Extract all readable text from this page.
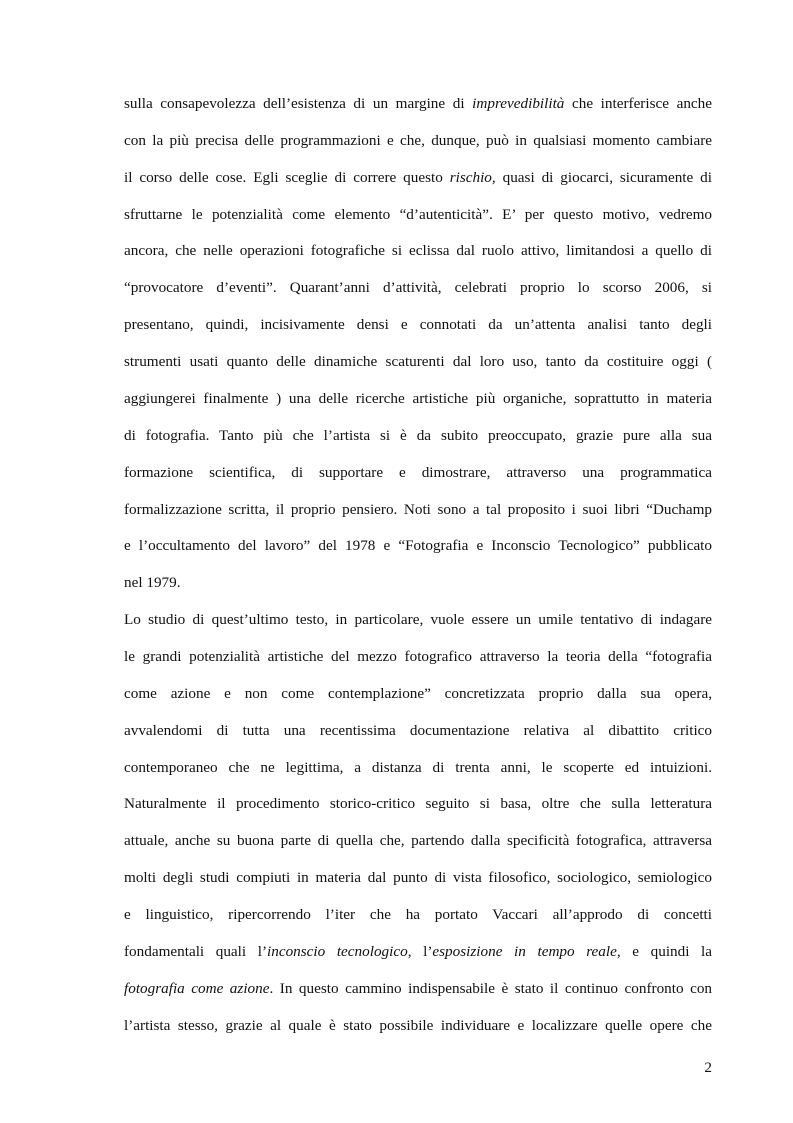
sulla consapevolezza dell’esistenza di un margine di imprevedibilità che interferisce anche
con la più precisa delle programmazioni e che, dunque, può in qualsiasi momento cambiare
il corso delle cose. Egli sceglie di correre questo rischio, quasi di giocarci, sicuramente di
sfruttarne le potenzialità come elemento “d’autenticità”. E’ per questo motivo, vedremo
ancora, che nelle operazioni fotografiche si eclissa dal ruolo attivo, limitandosi a quello di
“provocatore d’eventi”. Quarant’anni d’attività, celebrati proprio lo scorso 2006, si
presentano, quindi, incisivamente densi e connotati da un’attenta analisi tanto degli
strumenti usati quanto delle dinamiche scaturenti dal loro uso, tanto da costituire oggi (
aggiungerei finalmente ) una delle ricerche artistiche più organiche, soprattutto in materia
di fotografia. Tanto più che l’artista si è da subito preoccupato, grazie pure alla sua
formazione scientifica, di supportare e dimostrare, attraverso una programmatica
formalizzazione scritta, il proprio pensiero. Noti sono a tal proposito i suoi libri “Duchamp
e l’occultamento del lavoro” del 1978 e “Fotografia e Inconscio Tecnologico” pubblicato
nel 1979.
Lo studio di quest’ultimo testo, in particolare, vuole essere un umile tentativo di indagare
le grandi potenzialità artistiche del mezzo fotografico attraverso la teoria della “fotografia
come azione e non come contemplazione” concretizzata proprio dalla sua opera,
avvalendomi di tutta una recentissima documentazione relativa al dibattito critico
contemporaneo che ne legittima, a distanza di trenta anni, le scoperte ed intuizioni.
Naturalmente il procedimento storico-critico seguito si basa, oltre che sulla letteratura
attuale, anche su buona parte di quella che, partendo dalla specificità fotografica, attraversa
molti degli studi compiuti in materia dal punto di vista filosofico, sociologico, semiologico
e linguistico, ripercorrendo l’iter che ha portato Vaccari all’approdo di concetti
fondamentali quali l’inconscio tecnologico, l’esposizione in tempo reale, e quindi la
fotografia come azione. In questo cammino indispensabile è stato il continuo confronto con
l’artista stesso, grazie al quale è stato possibile individuare e localizzare quelle opere che
2
